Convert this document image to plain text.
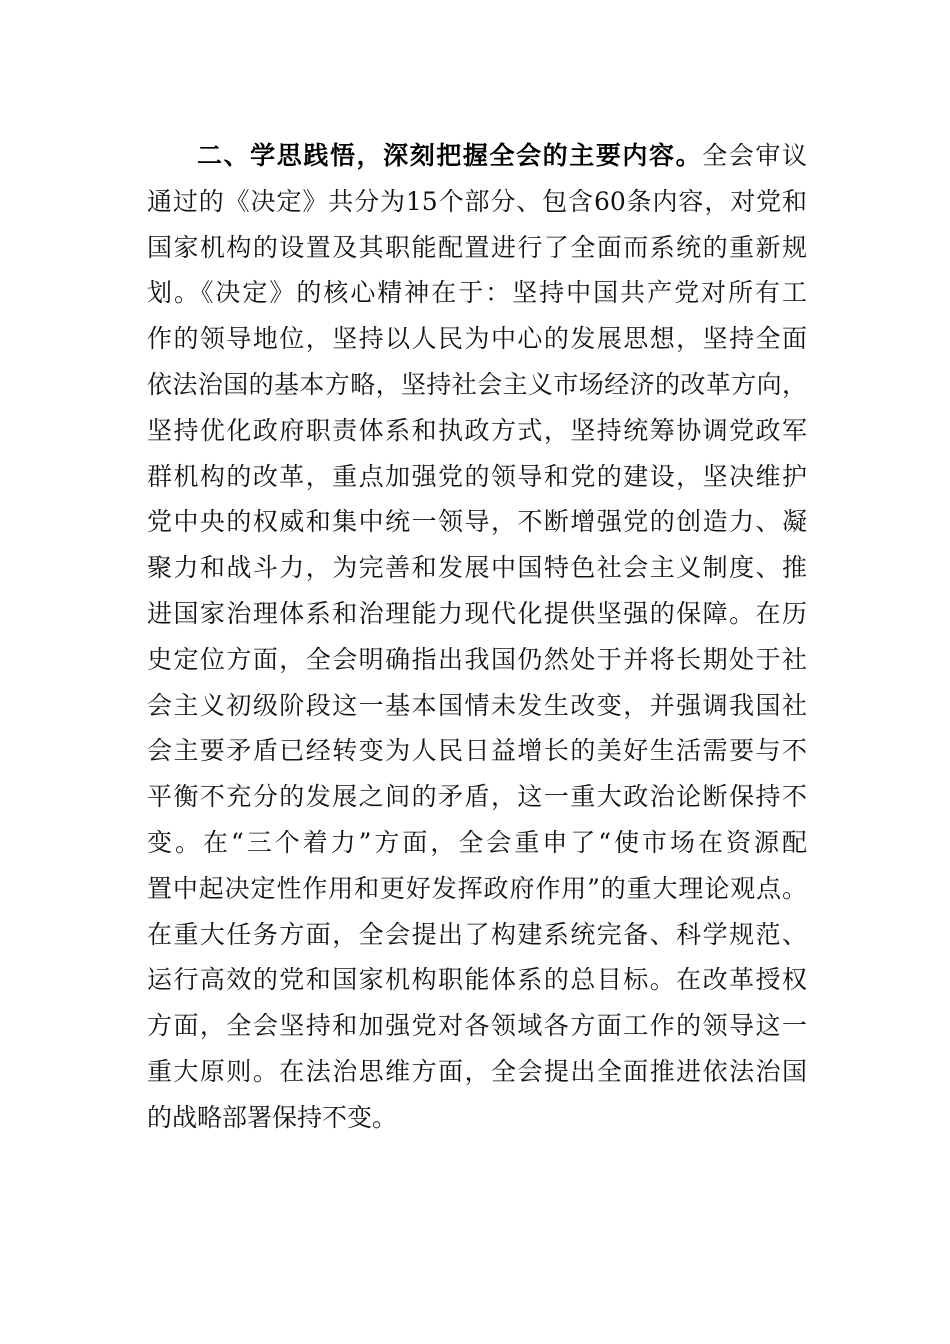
二、学思践悟，深刻把握全会的主要内容。全会审议
通过的《决定》共分为15个部分、包含60条内容，对党和
国家机构的设置及其职能配置进行了全面而系统的重新规
划。《决定》的核心精神在于：坚持中国共产党对所有工
作的领导地位，坚持以人民为中心的发展思想，坚持全面
依法治国的基本方略，坚持社会主义市场经济的改革方向，
坚持优化政府职责体系和执政方式，坚持统筹协调党政军
群机构的改革，重点加强党的领导和党的建设，坚决维护
党中央的权威和集中统一领导，不断增强党的创造力、凝
聚力和战斗力，为完善和发展中国特色社会主义制度、推
进国家治理体系和治理能力现代化提供坚强的保障。在历
史定位方面，全会明确指出我国仍然处于并将长期处于社
会主义初级阶段这一基本国情未发生改变，并强调我国社
会主要矛盾已经转变为人民日益增长的美好生活需要与不
平衡不充分的发展之间的矛盾，这一重大政治论断保持不
变。在“三个着力”方面，全会重申了“使市场在资源配
置中起决定性作用和更好发挥政府作用”的重大理论观点。
在重大任务方面，全会提出了构建系统完备、科学规范、
运行高效的党和国家机构职能体系的总目标。在改革授权
方面，全会坚持和加强党对各领域各方面工作的领导这一
重大原则。在法治思维方面，全会提出全面推进依法治国
的战略部署保持不变。
